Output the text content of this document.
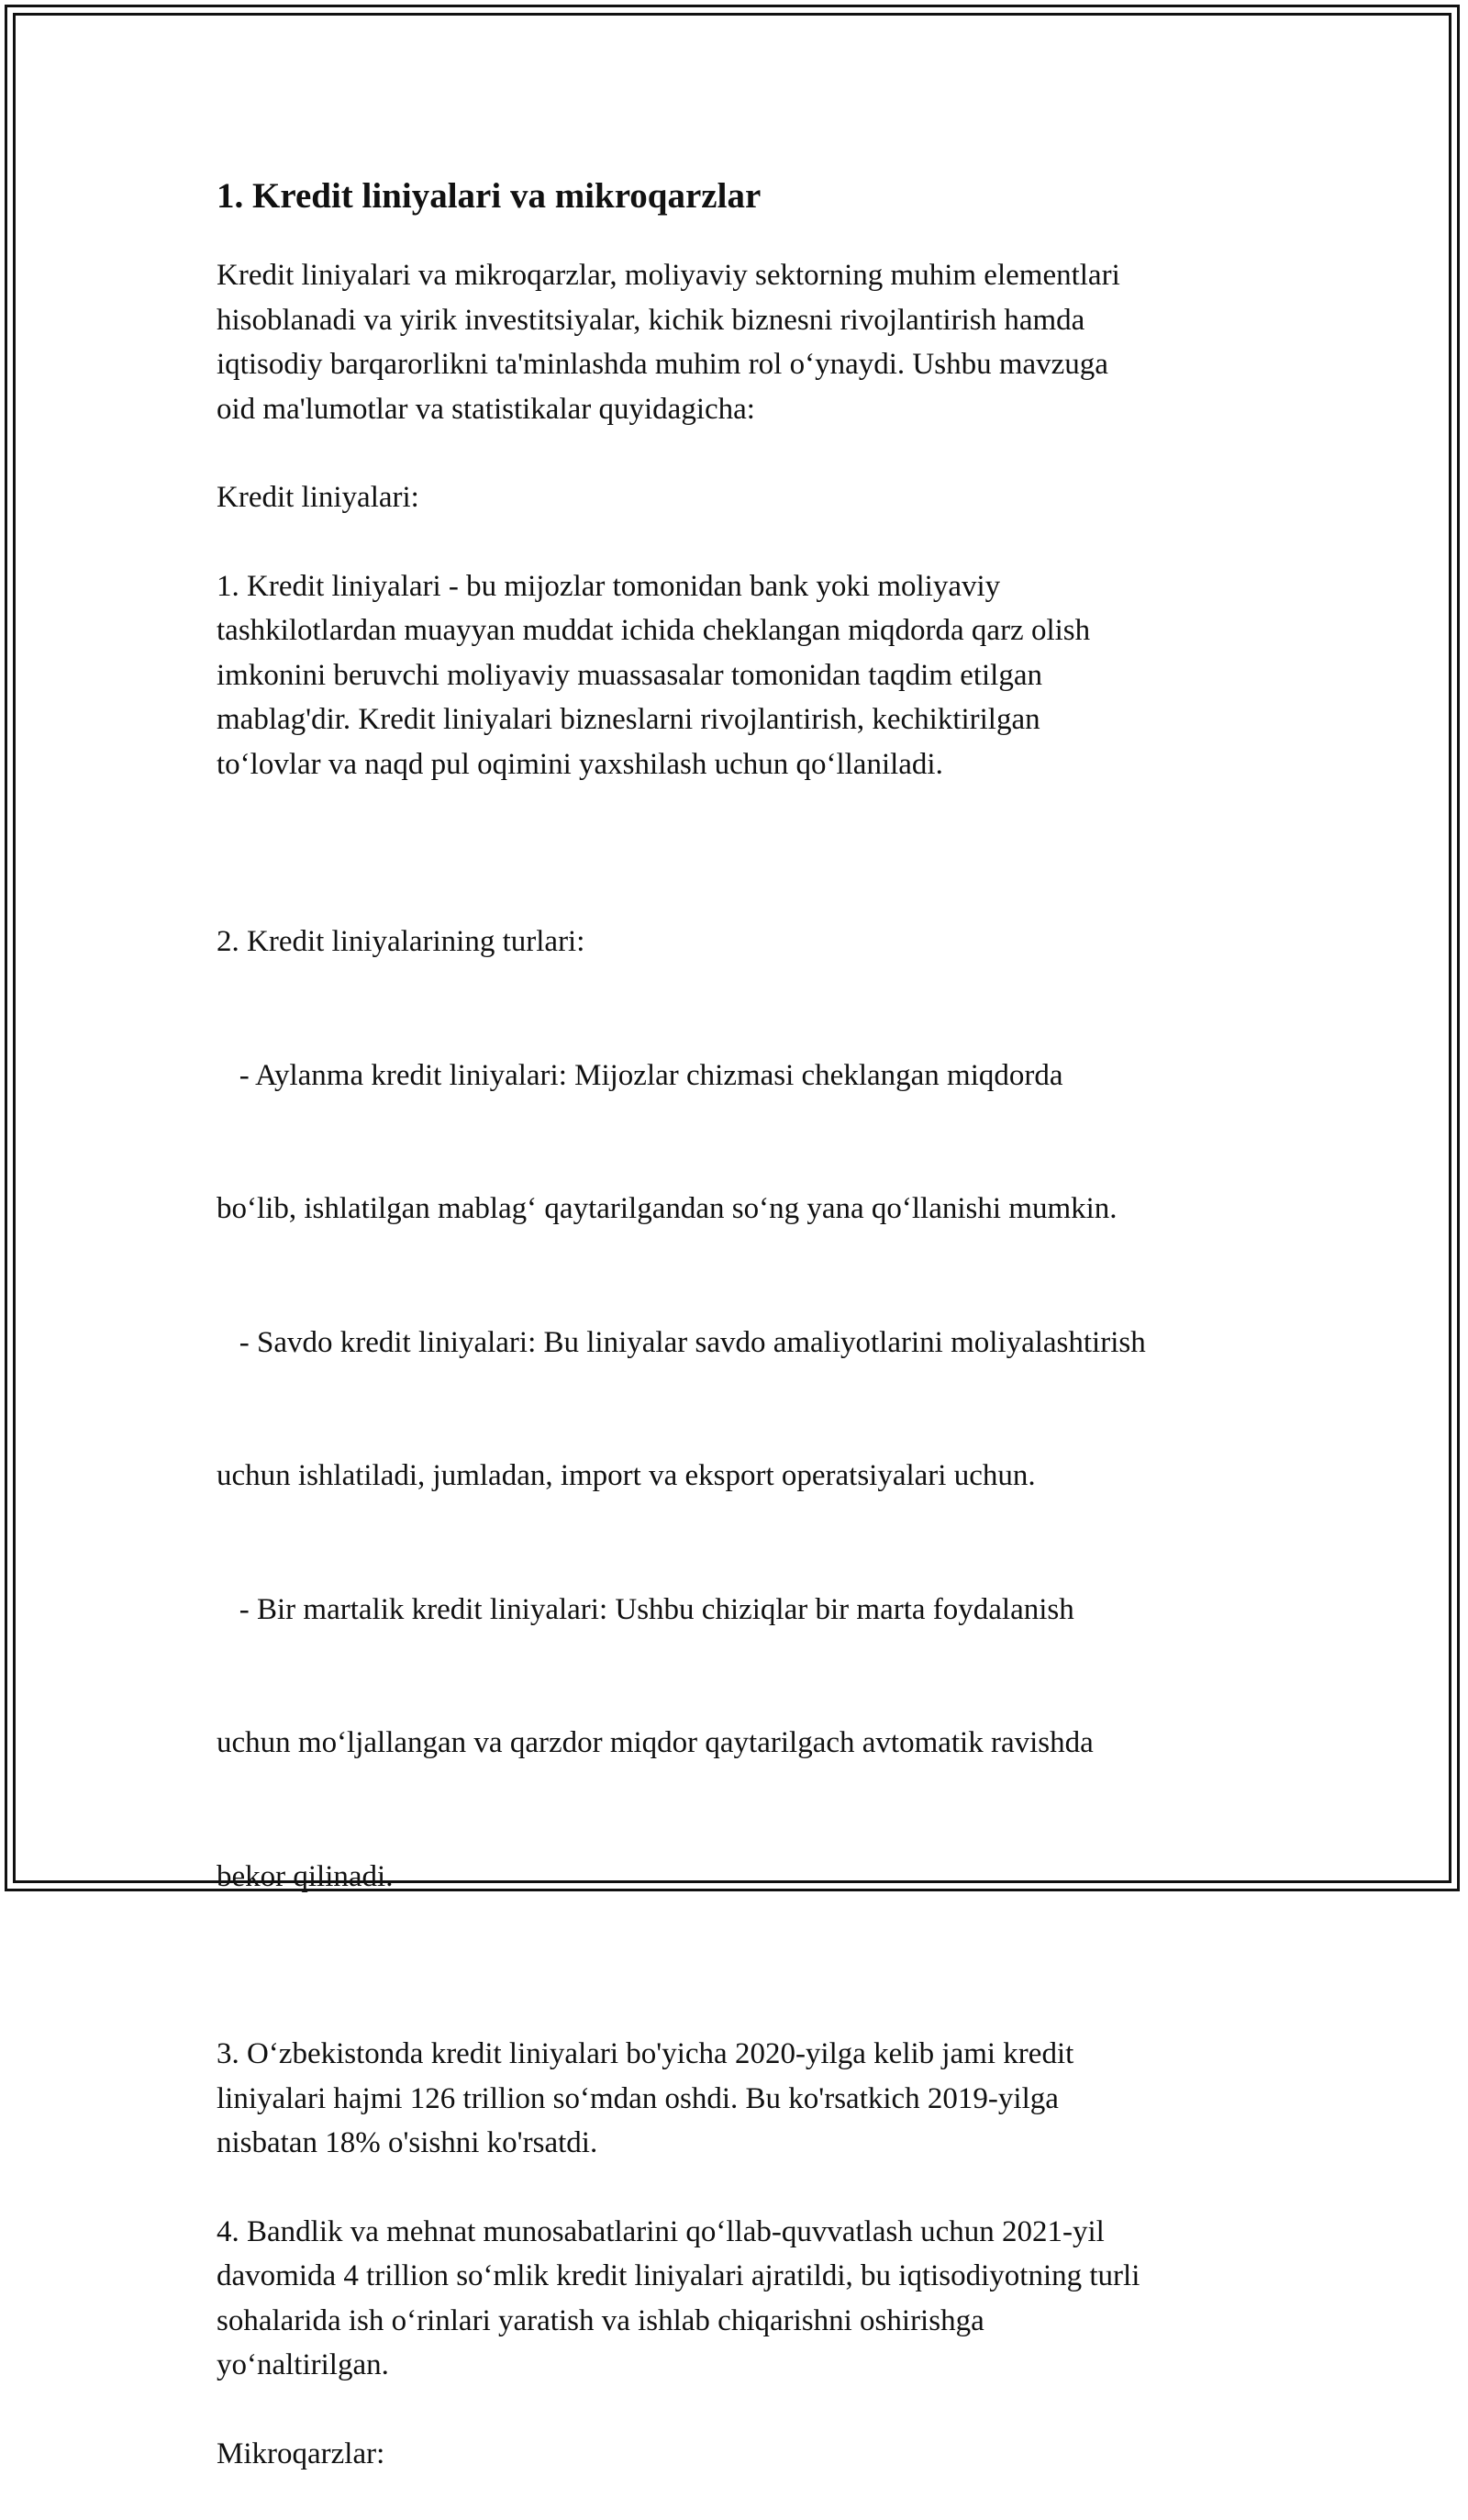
1. Kredit liniyalari va mikroqarzlar

Kredit liniyalari va mikroqarzlar, moliyaviy sektorning muhim elementlari
hisoblanadi va yirik investitsiyalar, kichik biznesni rivojlantirish hamda
iqtisodiy barqarorlikni ta'minlashda muhim rol o‘ynaydi. Ushbu mavzuga
oid ma'lumotlar va statistikalar quyidagicha:

Kredit liniyalari:

1. Kredit liniyalari - bu mijozlar tomonidan bank yoki moliyaviy
tashkilotlardan muayyan muddat ichida cheklangan miqdorda qarz olish
imkonini beruvchi moliyaviy muassasalar tomonidan taqdim etilgan
mablag'dir. Kredit liniyalari bizneslarni rivojlantirish, kechiktirilgan
to‘lovlar va naqd pul oqimini yaxshilash uchun qo‘llaniladi.

2. Kredit liniyalarining turlari:

- Aylanma kredit liniyalari: Mijozlar chizmasi cheklangan miqdorda

bo‘lib, ishlatilgan mablag‘ qaytarilgandan so‘ng yana qo‘llanishi mumkin.

- Savdo kredit liniyalari: Bu liniyalar savdo amaliyotlarini moliyalashtirish

uchun ishlatiladi, jumladan, import va eksport operatsiyalari uchun.

- Bir martalik kredit liniyalari: Ushbu chiziqlar bir marta foydalanish

uchun mo‘ljallangan va qarzdor miqdor qaytarilgach avtomatik ravishda

bekor qilinadi.

3. O‘zbekistonda kredit liniyalari bo'yicha 2020-yilga kelib jami kredit
liniyalari hajmi 126 trillion so‘mdan oshdi. Bu ko'rsatkich 2019-yilga
nisbatan 18% o'sishni ko'rsatdi.

4. Bandlik va mehnat munosabatlarini qo‘llab-quvvatlash uchun 2021-yil
davomida 4 trillion so‘mlik kredit liniyalari ajratildi, bu iqtisodiyotning turli
sohalarida ish o‘rinlari yaratish va ishlab chiqarishni oshirishga
yo‘naltirilgan.

Mikroqarzlar:
